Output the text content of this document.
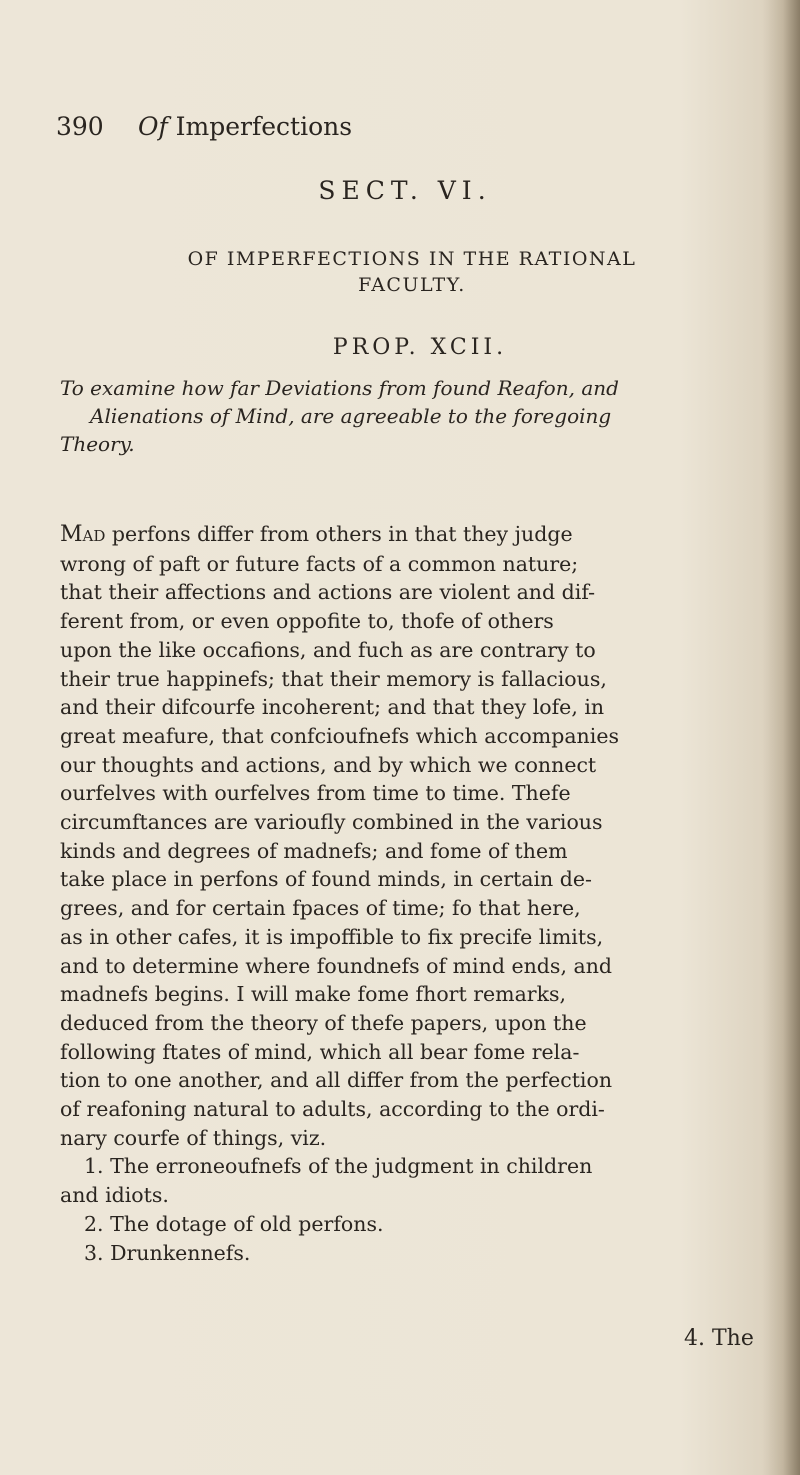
390 Of Imperfections
SECT. VI.
OF IMPERFECTIONS IN THE RATIONAL
FACULTY.
PROP. XCII.
To examine how far Deviations from found Reafon, and
Alienations of Mind, are agreeable to the foregoing
Theory.
Mad perfons differ from others in that they judge
wrong of paft or future facts of a common nature;
that their affections and actions are violent and dif-
ferent from, or even oppofite to, thofe of others
upon the like occafions, and fuch as are contrary to
their true happinefs; that their memory is fallacious,
and their difcourfe incoherent; and that they lofe, in
great meafure, that confcioufnefs which accompanies
our thoughts and actions, and by which we connect
ourfelves with ourfelves from time to time. Thefe
circumftances are varioufly combined in the various
kinds and degrees of madnefs; and fome of them
take place in perfons of found minds, in certain de-
grees, and for certain fpaces of time; fo that here,
as in other cafes, it is impoffible to fix precife limits,
and to determine where foundnefs of mind ends, and
madnefs begins. I will make fome fhort remarks,
deduced from the theory of thefe papers, upon the
following ftates of mind, which all bear fome rela-
tion to one another, and all differ from the perfection
of reafoning natural to adults, according to the ordi-
nary courfe of things, viz.
1. The erroneoufnefs of the judgment in children
and idiots.
2. The dotage of old perfons.
3. Drunkennefs.
4. The
